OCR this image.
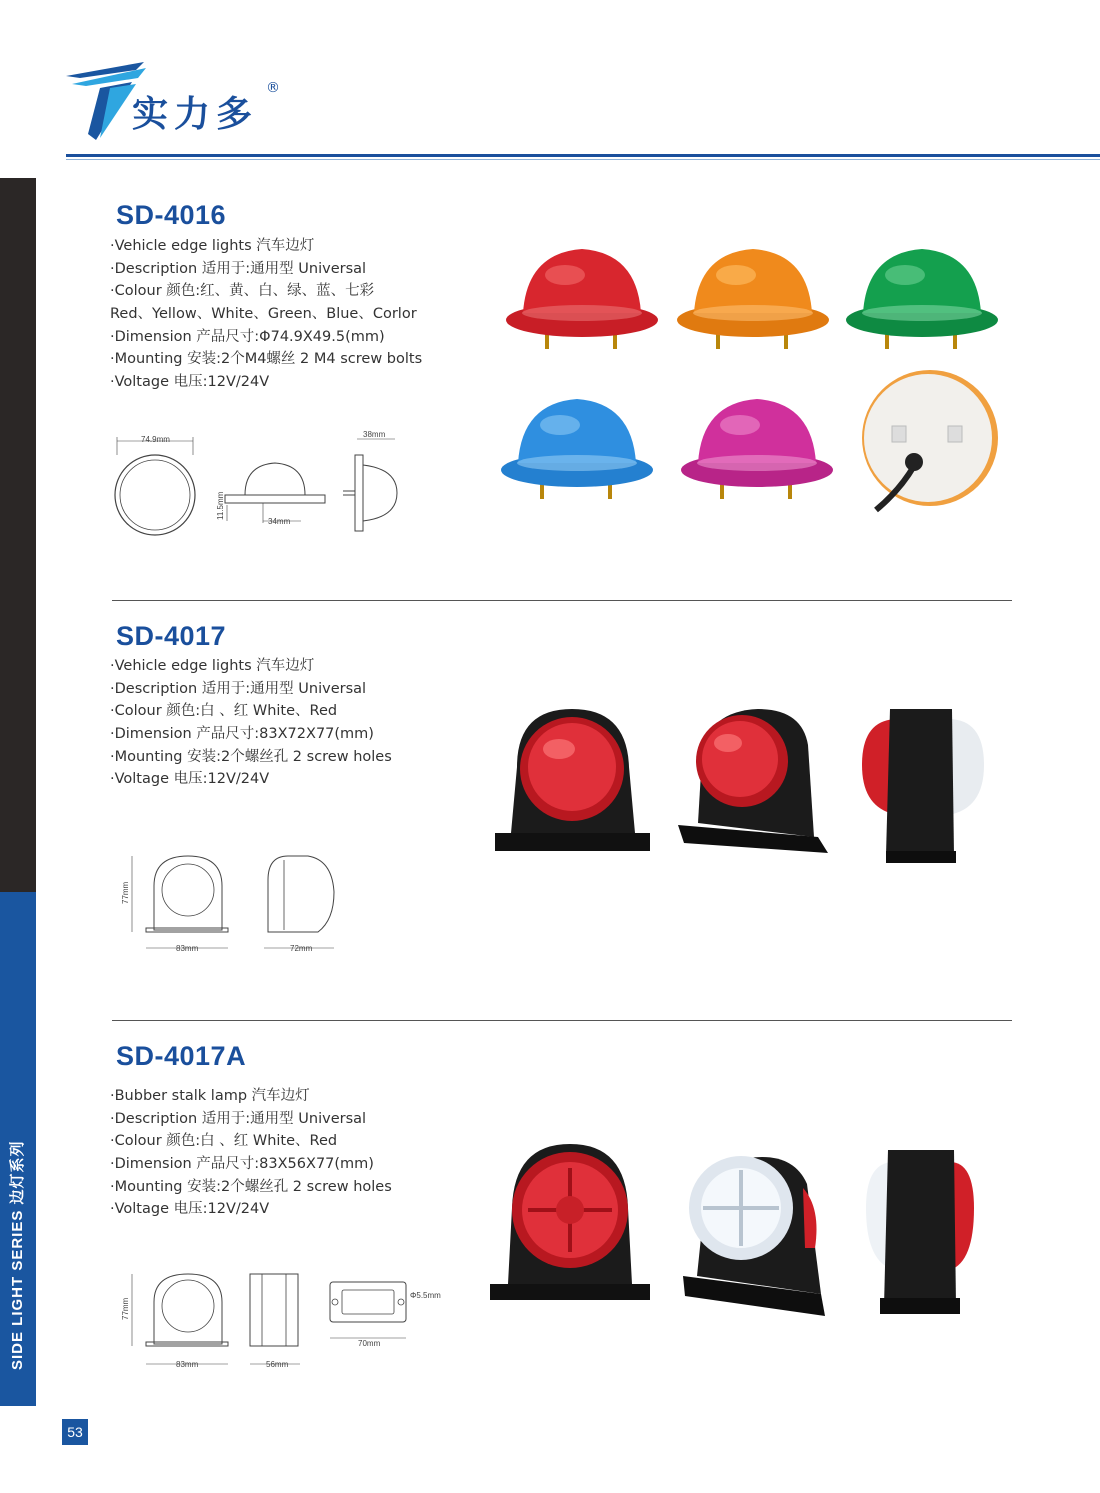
实力多
®
SIDE LIGHT SERIES 边灯系列
53
SD-4016
·Vehicle edge lights 汽车边灯
·Description 适用于:通用型 Universal
·Colour 颜色:红、黄、白、绿、蓝、七彩
Red、Yellow、White、Green、Blue、Corlor
·Dimension 产品尺寸:Φ74.9X49.5(mm)
·Mounting 安装:2个M4螺丝 2 M4 screw bolts
·Voltage 电压:12V/24V
74.9mm
34mm
11.5mm
38mm
SD-4017
·Vehicle edge lights 汽车边灯
·Description 适用于:通用型 Universal
·Colour 颜色:白 、红 White、Red
·Dimension 产品尺寸:83X72X77(mm)
·Mounting 安装:2个螺丝孔 2 screw holes
·Voltage 电压:12V/24V
77mm
83mm	72mm
SD-4017A
·Bubber stalk lamp 汽车边灯
·Description 适用于:通用型 Universal
·Colour 颜色:白 、红 White、Red
·Dimension 产品尺寸:83X56X77(mm)
·Mounting 安装:2个螺丝孔 2 screw holes
·Voltage 电压:12V/24V
77mm
83mm	56mm
Φ5.5mm
70mm
